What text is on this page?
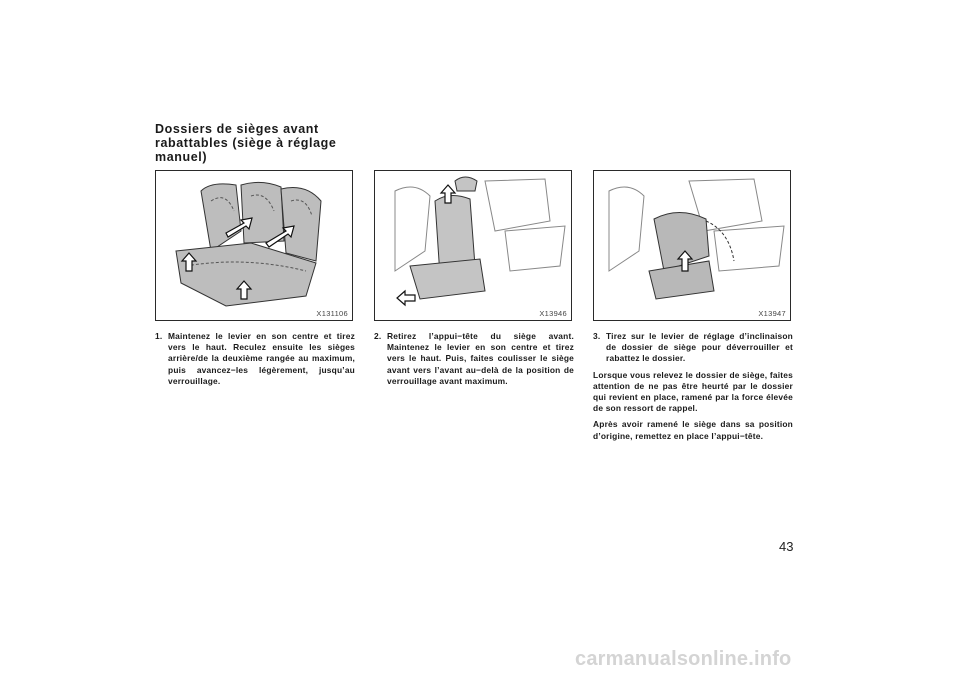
Dossiers de sièges avant rabattables (siège à réglage manuel)
X131106	X13946	X13947
1. Maintenez le levier en son centre et tirez vers le haut. Reculez ensuite les sièges arrière/de la deuxième rangée au maximum, puis avancez−les légèrement, jusqu’au verrouillage.
2. Retirez l’appui−tête du siège avant. Maintenez le levier en son centre et tirez vers le haut. Puis, faites coulisser le siège avant vers l’avant au−delà de la position de verrouillage avant maximum.
3. Tirez sur le levier de réglage d’inclinaison de dossier de siège pour déverrouiller et rabattez le dossier.
Lorsque vous relevez le dossier de siège, faites attention de ne pas être heurté par le dossier qui revient en place, ramené par la force élevée de son ressort de rappel.
Après avoir ramené le siège dans sa position d’origine, remettez en place l’appui−tête.
43
carmanualsonline.info
